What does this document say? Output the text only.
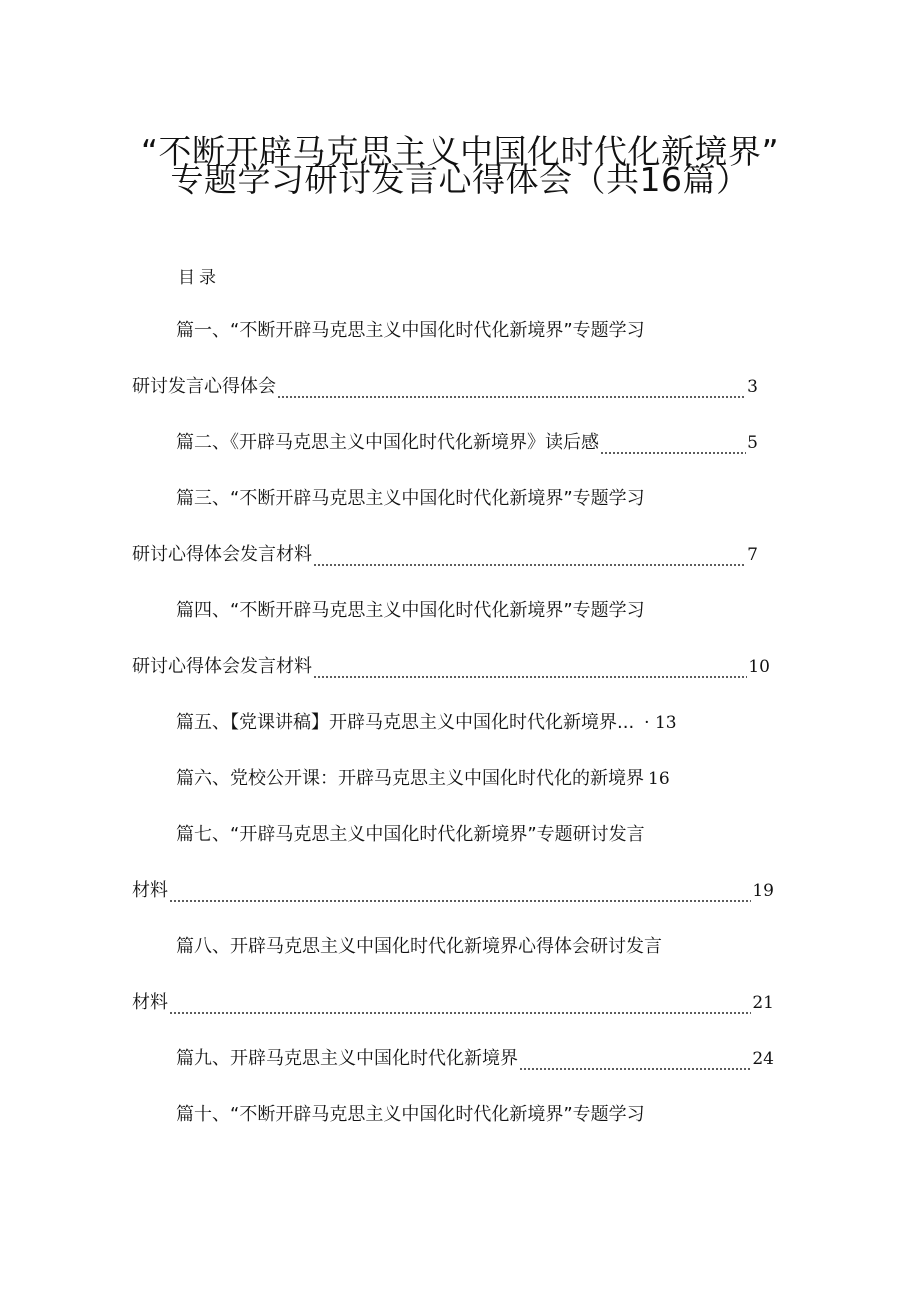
“不断开辟马克思主义中国化时代化新境界”
专题学习研讨发言心得体会（共16篇）
目录
篇一、“不断开辟马克思主义中国化时代化新境界”专题学习
研讨发言心得体会	3
篇二、《开辟马克思主义中国化时代化新境界》读后感	5
篇三、“不断开辟马克思主义中国化时代化新境界”专题学习
研讨心得体会发言材料	7
篇四、“不断开辟马克思主义中国化时代化新境界”专题学习
研讨心得体会发言材料	10
篇五、【党课讲稿】开辟马克思主义中国化时代化新境界... · 13
篇六、党校公开课：开辟马克思主义中国化时代化的新境界 16
篇七、“开辟马克思主义中国化时代化新境界”专题研讨发言
材料	19
篇八、开辟马克思主义中国化时代化新境界心得体会研讨发言
材料	21
篇九、开辟马克思主义中国化时代化新境界	24
篇十、“不断开辟马克思主义中国化时代化新境界”专题学习
